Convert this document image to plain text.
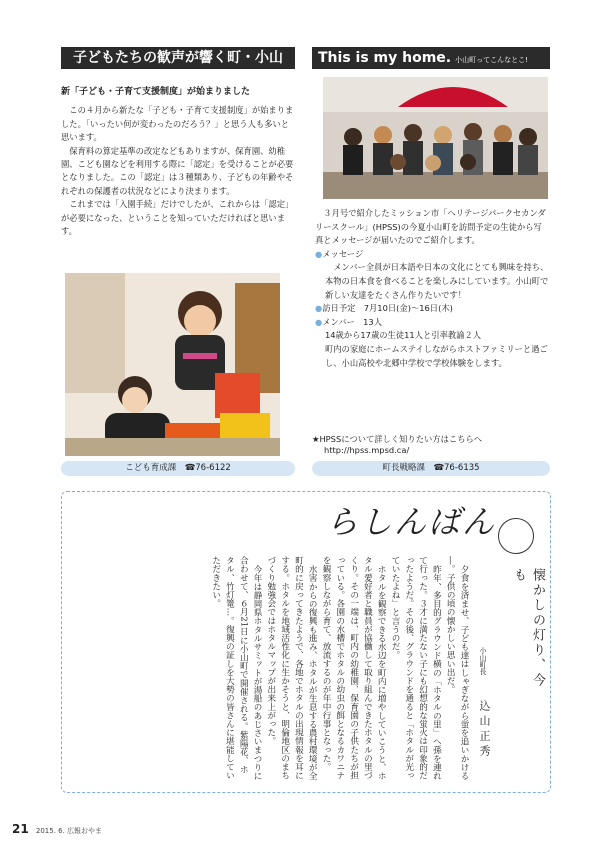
子どもたちの歓声が響く町・小山	This is my home. 小山町ってこんなとこ!
新「子ども・子育て支援制度」が始まりました

この４月から新たな「子ども・子育て支援制度」が始まりました。「いったい何が変わったのだろう？」と思う人も多いと思います。

保育料の算定基準の改定などもありますが、保育園、幼稚園、こども園などを利用する際に「認定」を受けることが必要となりました。この「認定」は３種類あり、子どもの年齢やそれぞれの保護者の状況などにより決まります。

これまでは「入園手続」だけでしたが、これからは「認定」が必要になった、ということを知っていただければと思います。

こども育成課　☎76-6122

３月号で紹介したミッション市「ヘリテージパークセカンダリースクール」(HPSS)の今夏小山町を訪問予定の生徒から写真とメッセージが届いたのでご紹介します。

● メッセージ

メンバー全員が日本語や日本の文化にとても興味を持ち、本物の日本食を食べることを楽しみにしています。小山町で新しい友達をたくさん作りたいです！

● 訪日予定　7月10日(金)～16日(木)

● メンバー　13人

14歳から17歳の生徒11人と引率教諭２人

町内の家庭にホームステイしながらホストファミリーと過ごし、小山高校や北郷中学校で学校体験をします。

★HPSSについて詳しく知りたい方はこちらへ
http://hpss.mpsd.ca/
町長戦略課　☎76-6135
らしんばん
懐かしの灯り、今も
小山町長
込山正秀

夕食を済ませ、子ども達はしゃぎながら蛍を追いかける―。子供の頃の懐かしい思い出だ。

昨年、多目的グラウンド横の「ホタルの里」へ孫を連れて行った。３才に満たない子にも幻想的な蛍火は印象的だったようだ。その後、グラウンドを通ると「ホタルが光っていたよね」と言うのだ。

ホタルを観察できる水辺を町内に増やしていこうと、ホタル愛好者と職員が協働して取り組んできたホタルの里づくり。その一端は、町内の幼稚園、保育園の子供たちが担っている。各園の水槽でホタルの幼虫の餌となるカワニナを観察しながら育て、放流するのが年中行事となった。

水害からの復興も進み、ホタルが生息する農村環境が全町的に戻ってきたようで、各地でホタルの出現情報を耳にする。ホタルを地域活性化に生かそうと、明倫地区のまちづくり勉強会ではホタルマップが出来上がった。

今年は静岡県ホタルサミットが湯船のあじさいまつりに合わせて、６月21日に小山町で開催される。紫陽花、ホタル、竹灯篭…。復興の証しを大勢の皆さんに堪能していただきたい。

21 2015. 6. 広報おやま
